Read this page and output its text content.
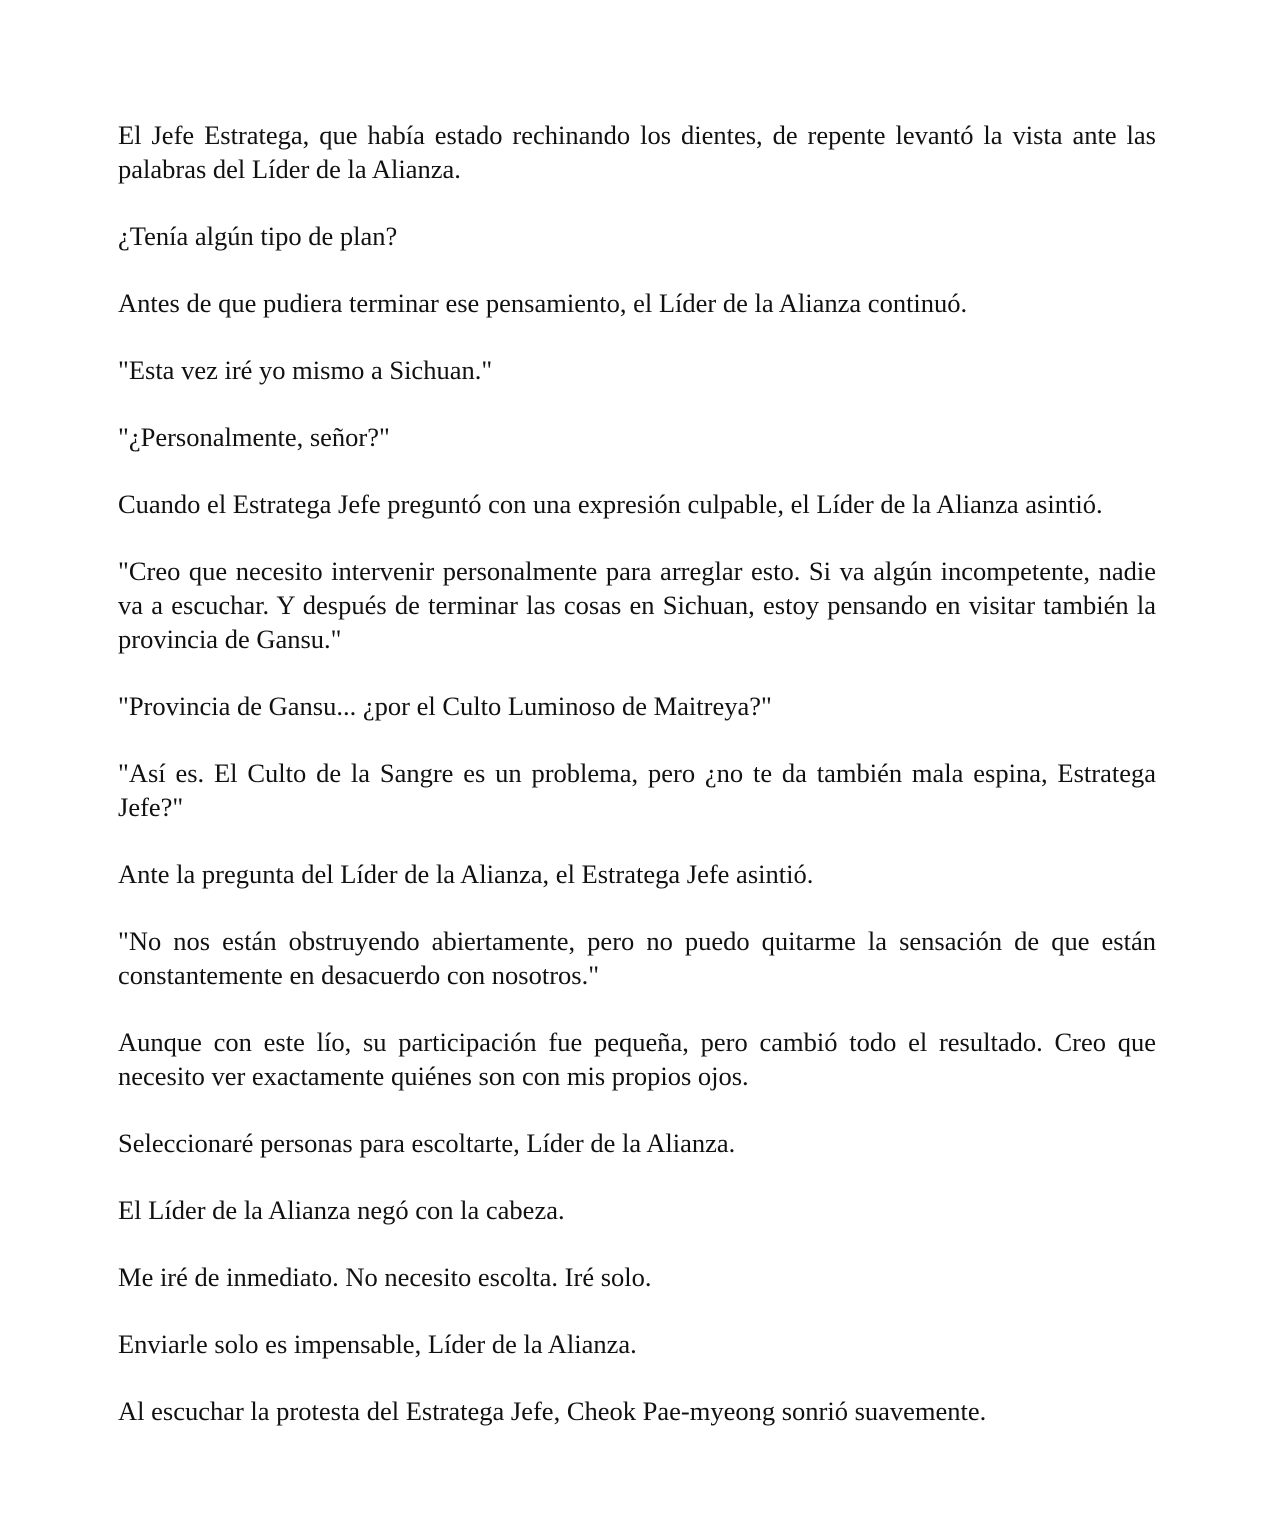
El Jefe Estratega, que había estado rechinando los dientes, de repente levantó la vista ante las palabras del Líder de la Alianza.

¿Tenía algún tipo de plan?

Antes de que pudiera terminar ese pensamiento, el Líder de la Alianza continuó.

"Esta vez iré yo mismo a Sichuan."

"¿Personalmente, señor?"

Cuando el Estratega Jefe preguntó con una expresión culpable, el Líder de la Alianza asintió.

"Creo que necesito intervenir personalmente para arreglar esto. Si va algún incompetente, nadie va a escuchar. Y después de terminar las cosas en Sichuan, estoy pensando en visitar también la provincia de Gansu."

"Provincia de Gansu... ¿por el Culto Luminoso de Maitreya?"

"Así es. El Culto de la Sangre es un problema, pero ¿no te da también mala espina, Estratega Jefe?"

Ante la pregunta del Líder de la Alianza, el Estratega Jefe asintió.

"No nos están obstruyendo abiertamente, pero no puedo quitarme la sensación de que están constantemente en desacuerdo con nosotros."

Aunque con este lío, su participación fue pequeña, pero cambió todo el resultado. Creo que necesito ver exactamente quiénes son con mis propios ojos.

Seleccionaré personas para escoltarte, Líder de la Alianza.

El Líder de la Alianza negó con la cabeza.

Me iré de inmediato. No necesito escolta. Iré solo.

Enviarle solo es impensable, Líder de la Alianza.

Al escuchar la protesta del Estratega Jefe, Cheok Pae-myeong sonrió suavemente.
